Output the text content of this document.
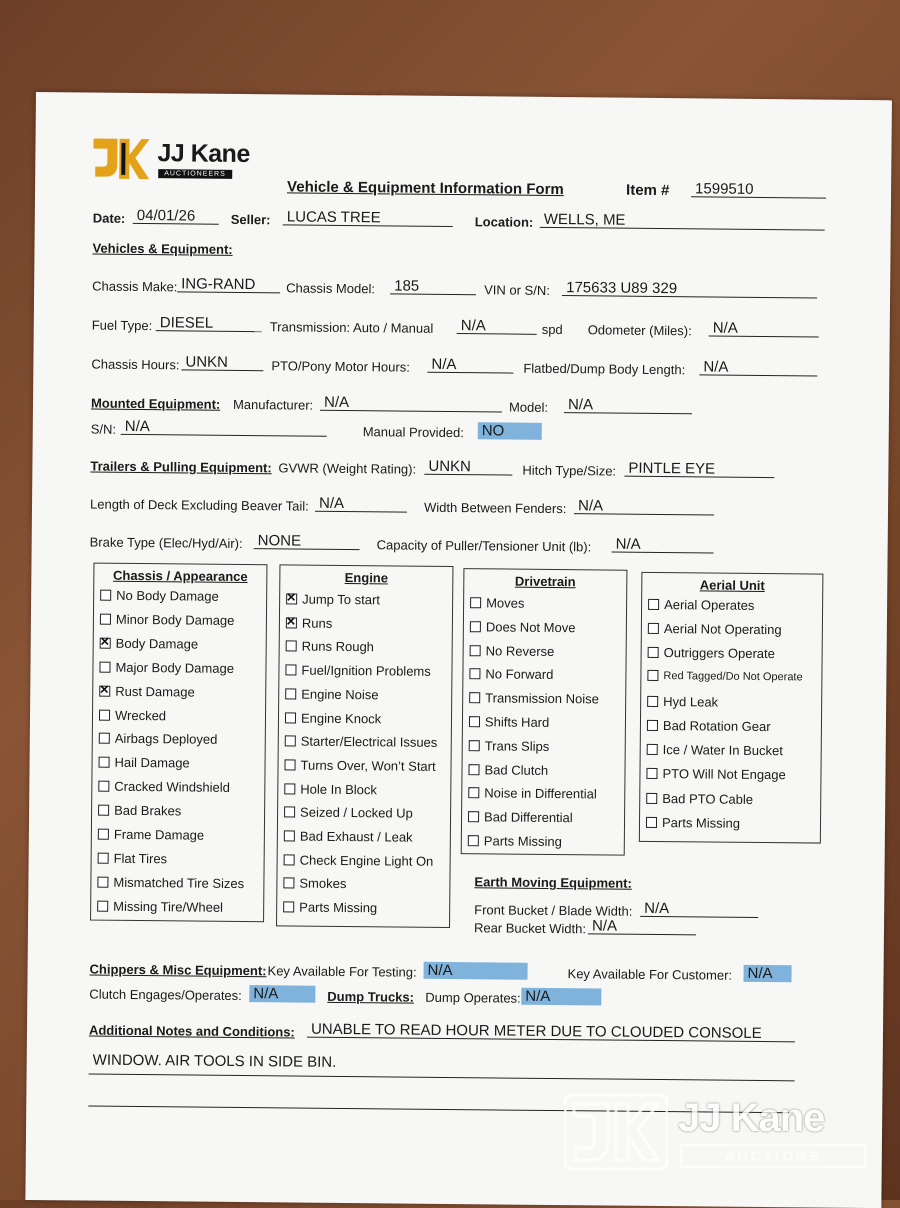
JJ Kane
AUCTIONEERS
Vehicle & Equipment Information Form	Item # 1599510
Date: 04/01/26	Seller: LUCAS TREE	Location: WELLS, ME
Vehicles & Equipment:
Chassis Make: ING-RAND	Chassis Model: 185	VIN or S/N: 175633 U89 329
Fuel Type: DIESEL	Transmission: Auto / Manual N/A	spd Odometer (Miles): N/A
Chassis Hours: UNKN	PTO/Pony Motor Hours: N/A	Flatbed/Dump Body Length: N/A
Mounted Equipment: Manufacturer: N/A	Model: N/A
S/N: N/A	Manual Provided: NO
Trailers & Pulling Equipment: GVWR (Weight Rating): UNKN	Hitch Type/Size: PINTLE EYE
Length of Deck Excluding Beaver Tail: N/A	Width Between Fenders: N/A
Brake Type (Elec/Hyd/Air): NONE	Capacity of Puller/Tensioner Unit (lb): N/A
Chassis / Appearance
No Body Damage
Minor Body Damage
✕
Body Damage
Major Body Damage
✕
Rust Damage
Wrecked
Airbags Deployed
Hail Damage
Cracked Windshield
Bad Brakes
Frame Damage
Flat Tires
Mismatched Tire Sizes
Missing Tire/Wheel
Engine
✕
Jump To start
✕
Runs
Runs Rough
Fuel/Ignition Problems
Engine Noise
Engine Knock
Starter/Electrical Issues
Turns Over, Won’t Start
Hole In Block
Seized / Locked Up
Bad Exhaust / Leak
Check Engine Light On
Smokes
Parts Missing
Drivetrain
Moves
Does Not Move
No Reverse
No Forward
Transmission Noise
Shifts Hard
Trans Slips
Bad Clutch
Noise in Differential
Bad Differential
Parts Missing
Aerial Unit
Aerial Operates
Aerial Not Operating
Outriggers Operate
Red Tagged/Do Not Operate
Hyd Leak
Bad Rotation Gear
Ice / Water In Bucket
PTO Will Not Engage
Bad PTO Cable
Parts Missing
Earth Moving Equipment:
Front Bucket / Blade Width: N/A
Rear Bucket Width: N/A
Chippers & Misc Equipment: Key Available For Testing: N/A	Key Available For Customer: N/A
Clutch Engages/Operates: N/A	Dump Trucks: Dump Operates: N/A
Additional Notes and Conditions: UNABLE TO READ HOUR METER DUE TO CLOUDED CONSOLE
WINDOW. AIR TOOLS IN SIDE BIN.
JJ Kane
AUCTIONS
